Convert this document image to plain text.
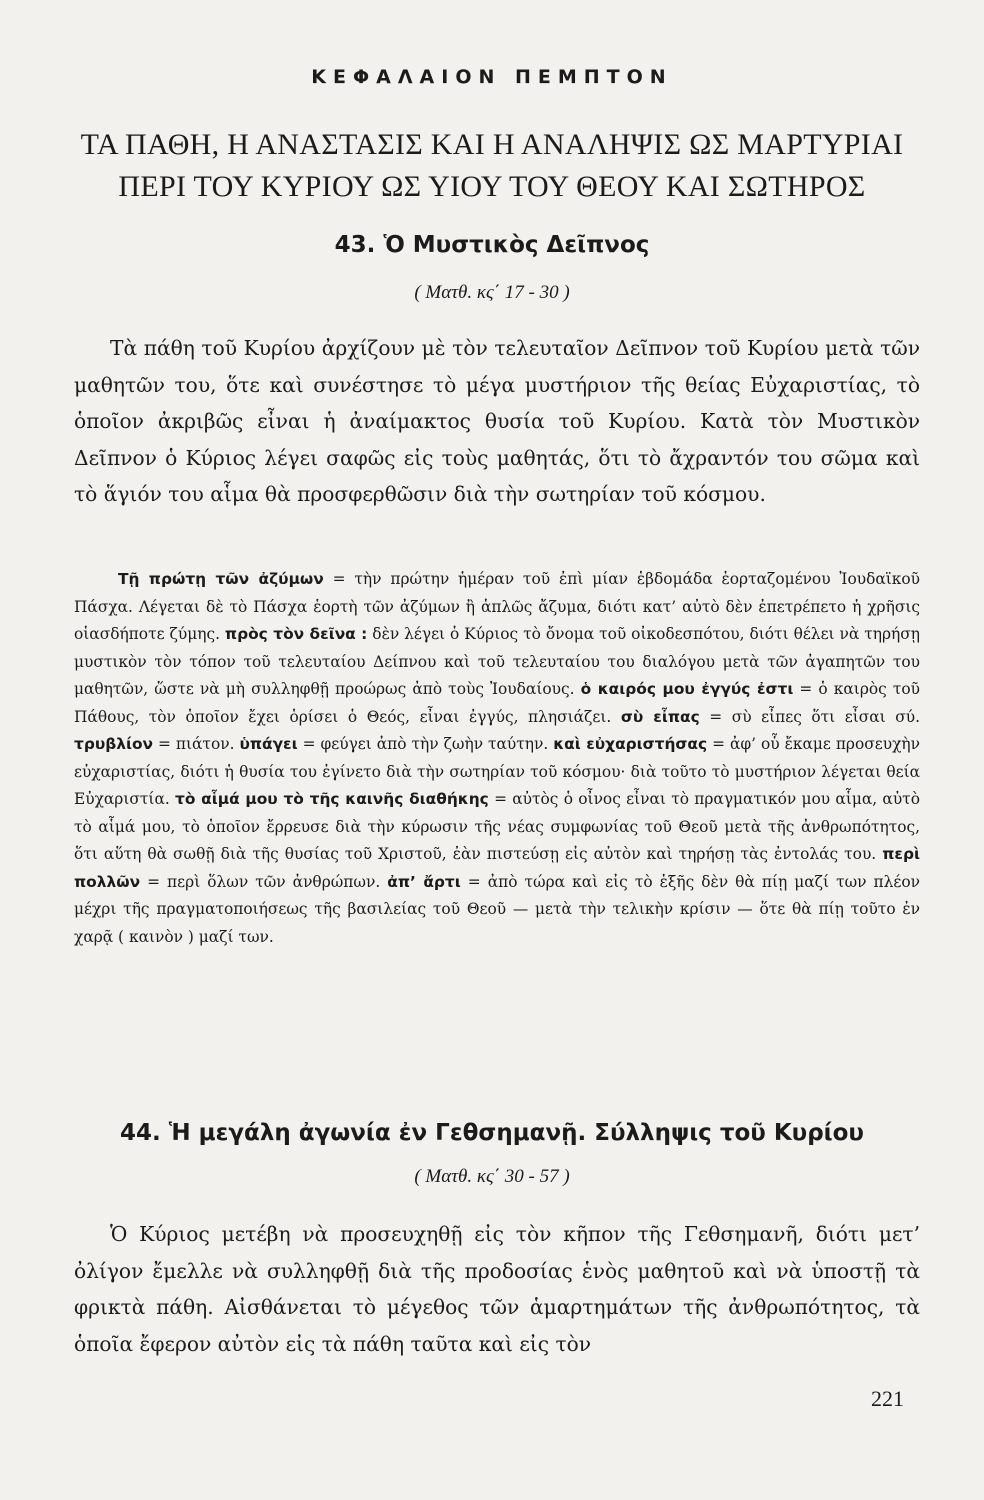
ΚΕΦΑΛΑΙΟΝ ΠΕΜΠΤΟΝ
ΤΑ ΠΑΘΗ, Η ΑΝΑΣΤΑΣΙΣ ΚΑΙ Η ΑΝΑΛΗΨΙΣ ΩΣ ΜΑΡΤΥΡΙΑΙ
ΠΕΡΙ ΤΟΥ ΚΥΡΙΟΥ ΩΣ ΥΙΟΥ ΤΟΥ ΘΕΟΥ ΚΑΙ ΣΩΤΗΡΟΣ
43. Ὁ Μυστικὸς Δεῖπνος
( Ματθ. κς΄ 17 - 30 )

Τὰ πάθη τοῦ Κυρίου ἀρχίζουν μὲ τὸν τελευταῖον Δεῖπνον τοῦ Κυρίου μετὰ τῶν μαθητῶν του, ὅτε καὶ συνέστησε τὸ μέγα μυστήριον τῆς θείας Εὐχαριστίας, τὸ ὁποῖον ἀκριβῶς εἶναι ἡ ἀναίμακτος θυσία τοῦ Κυρίου. Κατὰ τὸν Μυστικὸν Δεῖπνον ὁ Κύριος λέγει σαφῶς εἰς τοὺς μαθητάς, ὅτι τὸ ἄχραντόν του σῶμα καὶ τὸ ἅγιόν του αἷμα θὰ προσφερθῶσιν διὰ τὴν σωτηρίαν τοῦ κόσμου.

Τῇ πρώτῃ τῶν ἀζύμων = τὴν πρώτην ἡμέραν τοῦ ἐπὶ μίαν ἑβδομάδα ἑορταζομένου Ἰουδαϊκοῦ Πάσχα. Λέγεται δὲ τὸ Πάσχα ἑορτὴ τῶν ἀζύμων ἢ ἁπλῶς ἄζυμα, διότι κατ’ αὐτὸ δὲν ἐπετρέπετο ἡ χρῆσις οἱασδήποτε ζύμης. πρὸς τὸν δεῖνα : δὲν λέγει ὁ Κύριος τὸ ὄνομα τοῦ οἰκοδεσπότου, διότι θέλει νὰ τηρήσῃ μυστικὸν τὸν τόπον τοῦ τελευταίου Δείπνου καὶ τοῦ τελευταίου του διαλόγου μετὰ τῶν ἀγαπητῶν του μαθητῶν, ὥστε νὰ μὴ συλληφθῇ προώρως ἀπὸ τοὺς Ἰουδαίους. ὁ καιρός μου ἐγγύς ἐστι = ὁ καιρὸς τοῦ Πάθους, τὸν ὁποῖον ἔχει ὁρίσει ὁ Θεός, εἶναι ἐγγύς, πλησιάζει. σὺ εἶπας = σὺ εἶπες ὅτι εἶσαι σύ. τρυβλίον = πιάτον. ὑπάγει = φεύγει ἀπὸ τὴν ζωὴν ταύτην. καὶ εὐχαριστήσας = ἀφ’ οὗ ἔκαμε προσευχὴν εὐχαριστίας, διότι ἡ θυσία του ἐγίνετο διὰ τὴν σωτηρίαν τοῦ κόσμου· διὰ τοῦτο τὸ μυστήριον λέγεται θεία Εὐχαριστία. τὸ αἷμά μου τὸ τῆς καινῆς διαθήκης = αὐτὸς ὁ οἶνος εἶναι τὸ πραγματικόν μου αἷμα, αὐτὸ τὸ αἷμά μου, τὸ ὁποῖον ἔρρευσε διὰ τὴν κύρωσιν τῆς νέας συμφωνίας τοῦ Θεοῦ μετὰ τῆς ἀνθρωπότητος, ὅτι αὕτη θὰ σωθῇ διὰ τῆς θυσίας τοῦ Χριστοῦ, ἐὰν πιστεύσῃ εἰς αὐτὸν καὶ τηρήσῃ τὰς ἐντολάς του. περὶ πολλῶν = περὶ ὅλων τῶν ἀνθρώπων. ἀπ’ ἄρτι = ἀπὸ τώρα καὶ εἰς τὸ ἑξῆς δὲν θὰ πίῃ μαζί των πλέον μέχρι τῆς πραγματοποιήσεως τῆς βασιλείας τοῦ Θεοῦ — μετὰ τὴν τελικὴν κρίσιν — ὅτε θὰ πίῃ τοῦτο ἐν χαρᾷ ( καινὸν ) μαζί των.

44. Ἡ μεγάλη ἀγωνία ἐν Γεθσημανῇ. Σύλληψις τοῦ Κυρίου
( Ματθ. κς΄ 30 - 57 )

Ὁ Κύριος μετέβη νὰ προσευχηθῇ εἰς τὸν κῆπον τῆς Γεθσημανῆ, διότι μετ’ ὀλίγον ἔμελλε νὰ συλληφθῇ διὰ τῆς προδοσίας ἑνὸς μαθητοῦ καὶ νὰ ὑποστῇ τὰ φρικτὰ πάθη. Αἰσθάνεται τὸ μέγεθος τῶν ἁμαρτημάτων τῆς ἀνθρωπότητος, τὰ ὁποῖα ἔφερον αὐτὸν εἰς τὰ πάθη ταῦτα καὶ εἰς τὸν

221
